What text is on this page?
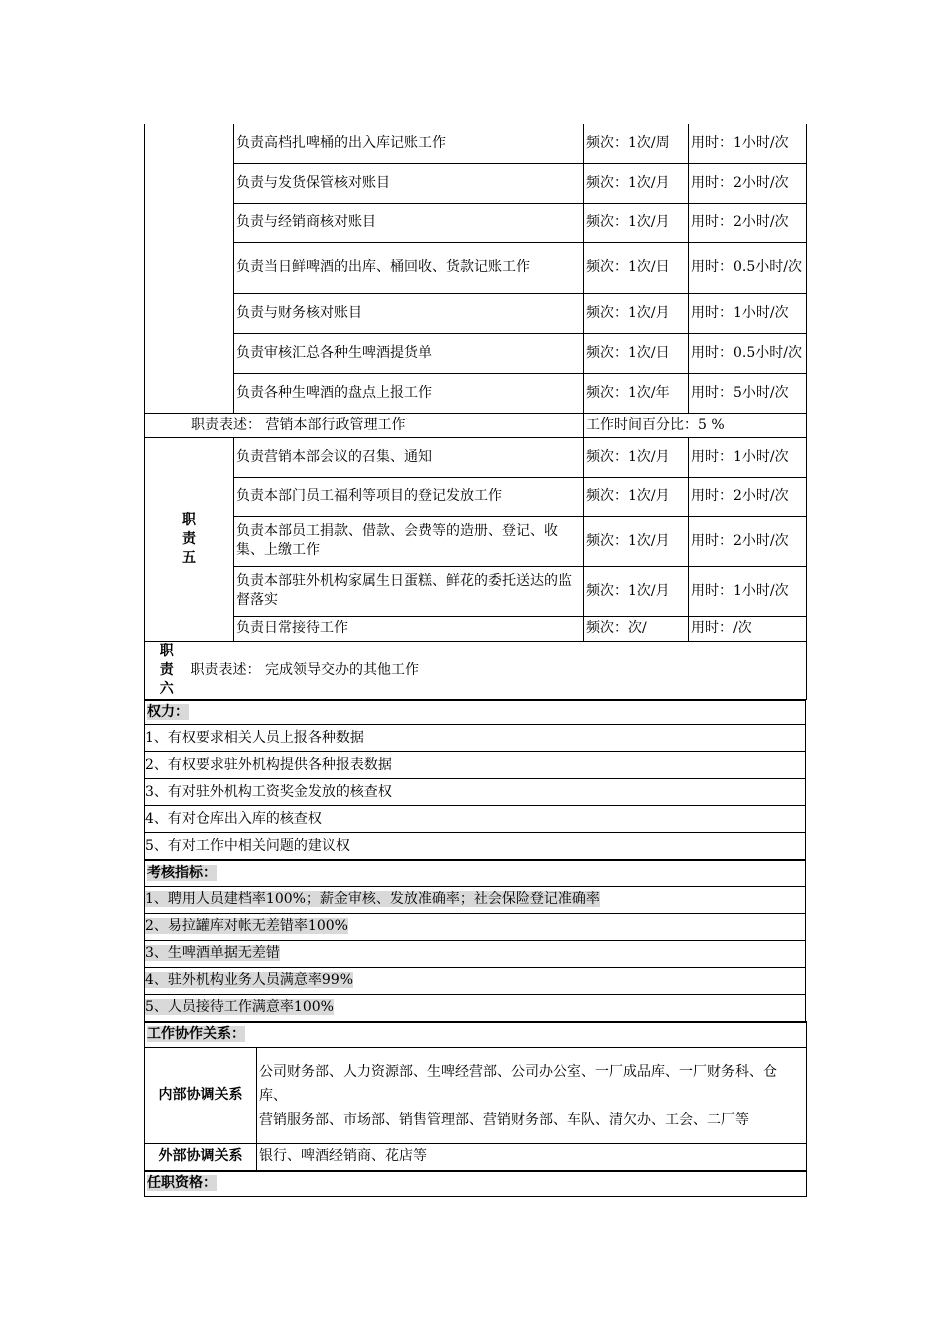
	负责高档扎啤桶的出入库记账工作	频次：1次/周	用时：1小时/次
	负责与发货保管核对账目	频次：1次/月	用时：2小时/次
	负责与经销商核对账目	频次：1次/月	用时：2小时/次
	负责当日鲜啤酒的出库、桶回收、货款记账工作	频次：1次/日	用时：0.5小时/次
	负责与财务核对账目	频次：1次/月	用时：1小时/次
	负责审核汇总各种生啤酒提货单	频次：1次/日	用时：0.5小时/次
	负责各种生啤酒的盘点上报工作	频次：1次/年	用时：5小时/次
职责表述： 营销本部行政管理工作		工作时间百分比：5 %	

职
责
五	负责营销本部会议的召集、通知	频次：1次/月	用时：1小时/次
	负责本部门员工福利等项目的登记发放工作	频次：1次/月	用时：2小时/次
	负责本部员工捐款、借款、会费等的造册、登记、收集、上缴工作	频次：1次/月	用时：2小时/次
	负责本部驻外机构家属生日蛋糕、鲜花的委托送达的监督落实	频次：1次/月	用时：1小时/次
	负责日常接待工作	频次：次/	用时：/次
职
责
六
	职责表述： 完成领导交办的其他工作
权力：
1、有权要求相关人员上报各种数据
2、有权要求驻外机构提供各种报表数据
3、有对驻外机构工资奖金发放的核查权
4、有对仓库出入库的核查权
5、有对工作中相关问题的建议权
考核指标：
1、聘用人员建档率100%；薪金审核、发放准确率；社会保险登记准确率
2、易拉罐库对帐无差错率100%
3、生啤酒单据无差错
4、驻外机构业务人员满意率99%
5、人员接待工作满意率100%
工作协作关系：	
内部协调关系	公司财务部、人力资源部、生啤经营部、公司办公室、一厂成品库、一厂财务科、仓库、
营销服务部、市场部、销售管理部、营销财务部、车队、清欠办、工会、二厂等

外部协调关系	银行、啤酒经销商、花店等
任职资格：	
